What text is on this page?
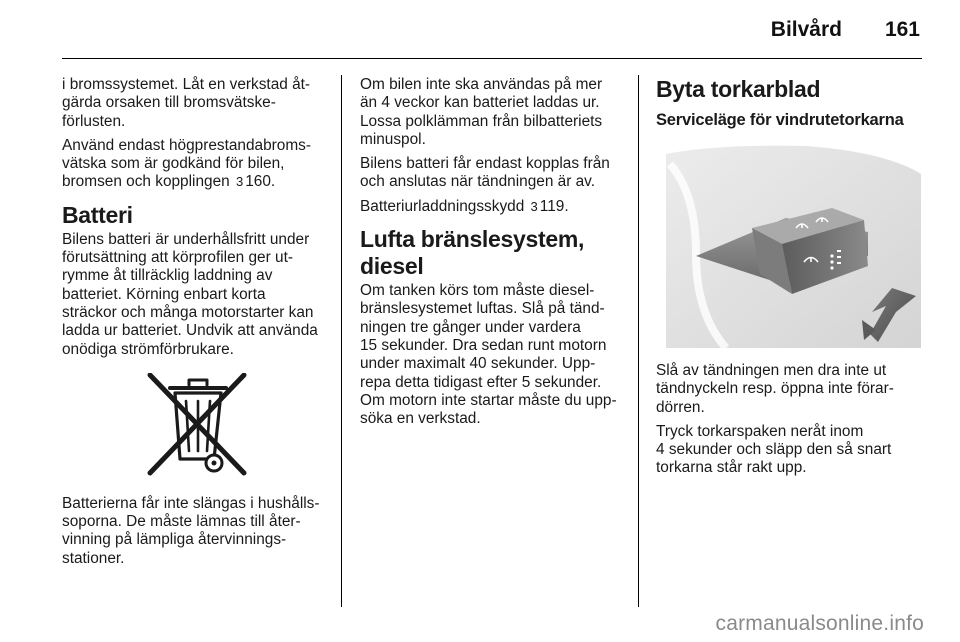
Bilvård 161

i bromssystemet. Låt en verkstad åt-
gärda orsaken till bromsvätske-
förlusten.

Använd endast högprestandabroms-
vätska som är godkänd för bilen,
bromsen och kopplingen 3 160.

Batteri

Bilens batteri är underhållsfritt under
förutsättning att körprofilen ger ut-
rymme åt tillräcklig laddning av
batteriet. Körning enbart korta
sträckor och många motorstarter kan
ladda ur batteriet. Undvik att använda
onödiga strömförbrukare.

Batterierna får inte slängas i hushålls-
soporna. De måste lämnas till åter-
vinning på lämpliga återvinnings-
stationer.

Om bilen inte ska användas på mer
än 4 veckor kan batteriet laddas ur.
Lossa polklämman från bilbatteriets
minuspol.

Bilens batteri får endast kopplas från
och anslutas när tändningen är av.

Batteriurladdningsskydd 3 119.

Lufta bränslesystem,
diesel

Om tanken körs tom måste diesel-
bränslesystemet luftas. Slå på tänd-
ningen tre gånger under vardera
15 sekunder. Dra sedan runt motorn
under maximalt 40 sekunder. Upp-
repa detta tidigast efter 5 sekunder.
Om motorn inte startar måste du upp-
söka en verkstad.

Byta torkarblad
Serviceläge för vindrutetorkarna

Slå av tändningen men dra inte ut
tändnyckeln resp. öppna inte förar-
dörren.

Tryck torkarspaken neråt inom
4 sekunder och släpp den så snart
torkarna står rakt upp.

carmanualsonline.info
